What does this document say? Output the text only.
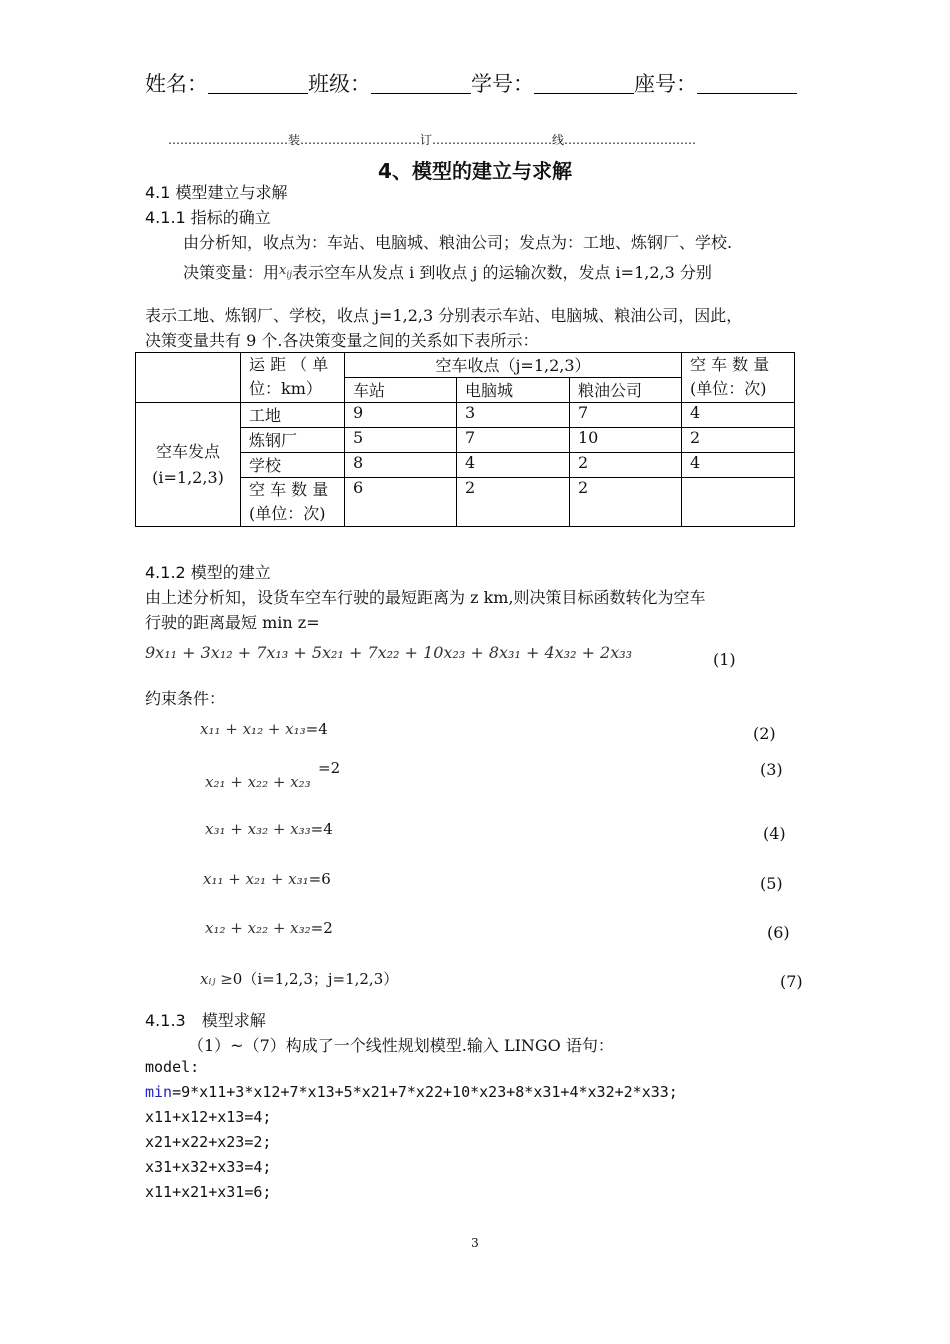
姓名：	班级：	学号：	座号：
…………………………装…………………………订…………………………线……………………………
4、模型的建立与求解
4.1 模型建立与求解
4.1.1 指标的确立
由分析知，收点为：车站、电脑城、粮油公司；发点为：工地、炼钢厂、学校.
决策变量：用$^{x_{ij}}$表示空车从发点 i 到收点 j 的运输次数，发点 i=1,2,3 分别
表示工地、炼钢厂、学校，收点 j=1,2,3 分别表示车站、电脑城、粮油公司，因此，
决策变量共有 9 个.各决策变量之间的关系如下表所示：
	运 距 （ 单 位：km）	空车收点（j=1,2,3）			空 车 数 量 (单位：次)
		车站	电脑城	粮油公司	
空车发点 (i=1,2,3)	工地	9	3	7	4
	炼钢厂	5	7	10	2
	学校	8	4	2	4
	空 车 数 量 (单位：次)	6	2	2	
4.1.2 模型的建立
由上述分析知，设货车空车行驶的最短距离为 z km,则决策目标函数转化为空车
行驶的距离最短 min z=
9x₁₁ + 3x₁₂ + 7x₁₃ + 5x₂₁ + 7x₂₂ + 10x₂₃ + 8x₃₁ + 4x₃₂ + 2x₃₃	(1)
约束条件：
x₁₁ + x₁₂ + x₁₃=4	(2)
x₂₁ + x₂₂ + x₂₃
=2	(3)
x₃₁ + x₃₂ + x₃₃=4	(4)
x₁₁ + x₂₁ + x₃₁=6	(5)
x₁₂ + x₂₂ + x₃₂=2	(6)
xᵢⱼ ≥0（i=1,2,3；j=1,2,3）	(7)
4.1.3　模型求解
（1）~（7）构成了一个线性规划模型.输入 LINGO 语句：
model:
min=9*x11+3*x12+7*x13+5*x21+7*x22+10*x23+8*x31+4*x32+2*x33;
x11+x12+x13=4;
x21+x22+x23=2;
x31+x32+x33=4;
x11+x21+x31=6;
3
